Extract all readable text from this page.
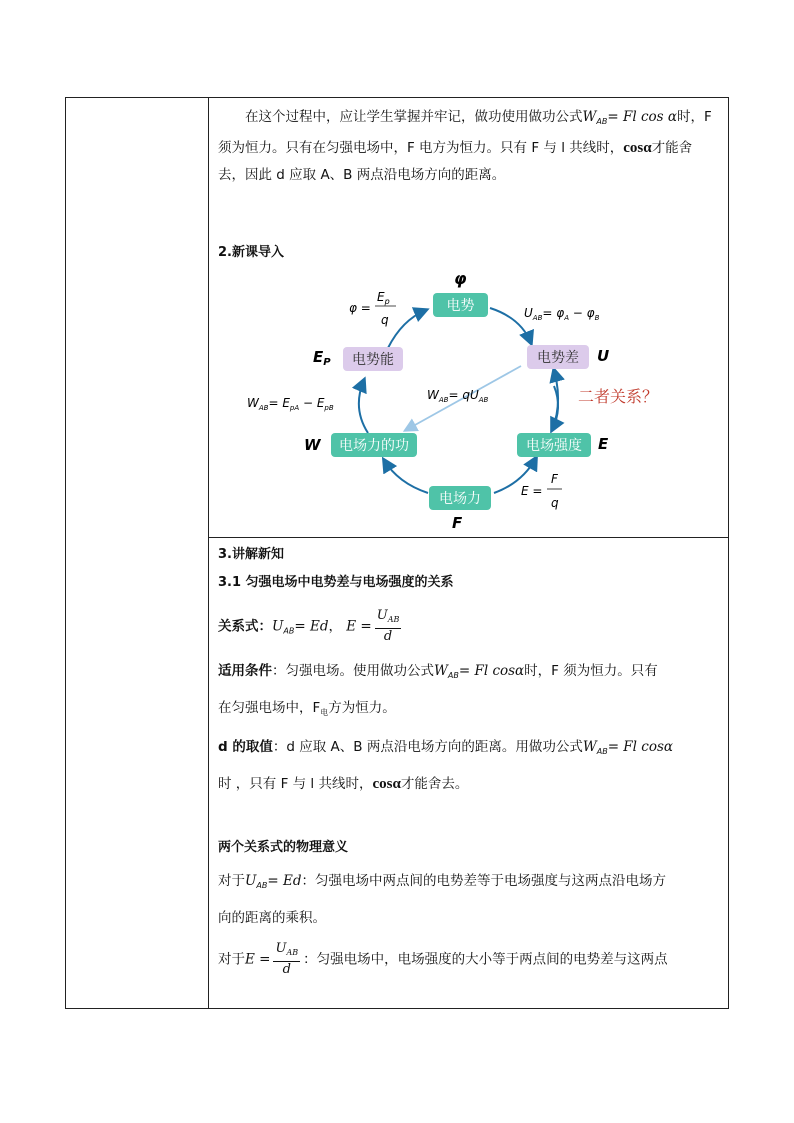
在这个过程中，应让学生掌握并牢记，做功使用做功公式$W_{AB}= Fl$ cos α时，F
须为恒力。只有在匀强电场中，F 电方为恒力。只有 F 与 l 共线时，cosα才能舍
去，因此 d 应取 A、B 两点沿电场方向的距离。

2.新课导入
电势
电势能	电势差
电场力的功	电场强度
电场力
φ
$E_P$	U
W	E
F
φ =
$E_p$
q	$U_{AB}= \varphi_A - \varphi_B$
$W_{AB}= E_{pA} - E_{pB}$
$W_{AB}= qU_{AB}$
E =
F
q
二者关系？
3.讲解新知
3.1 匀强电场中电势差与电场强度的关系
关系式：$U_{AB}= Ed$， $E = \frac{U_{AB}}{d}$

适用条件：匀强电场。使用做功公式$W_{AB}= Fl$ cosα时，F 须为恒力。只有
在匀强电场中，$F_电$方为恒力。

d 的取值：d 应取 A、B 两点沿电场方向的距离。用做功公式$W_{AB}= Fl$ cosα
时 ，只有 F 与 l 共线时，cosα才能舍去。

两个关系式的物理意义

对于$U_{AB}= Ed$：匀强电场中两点间的电势差等于电场强度与这两点沿电场方
向的距离的乘积。

对于$E = \frac{U_{AB}}{d}$ ：匀强电场中，电场强度的大小等于两点间的电势差与这两点
